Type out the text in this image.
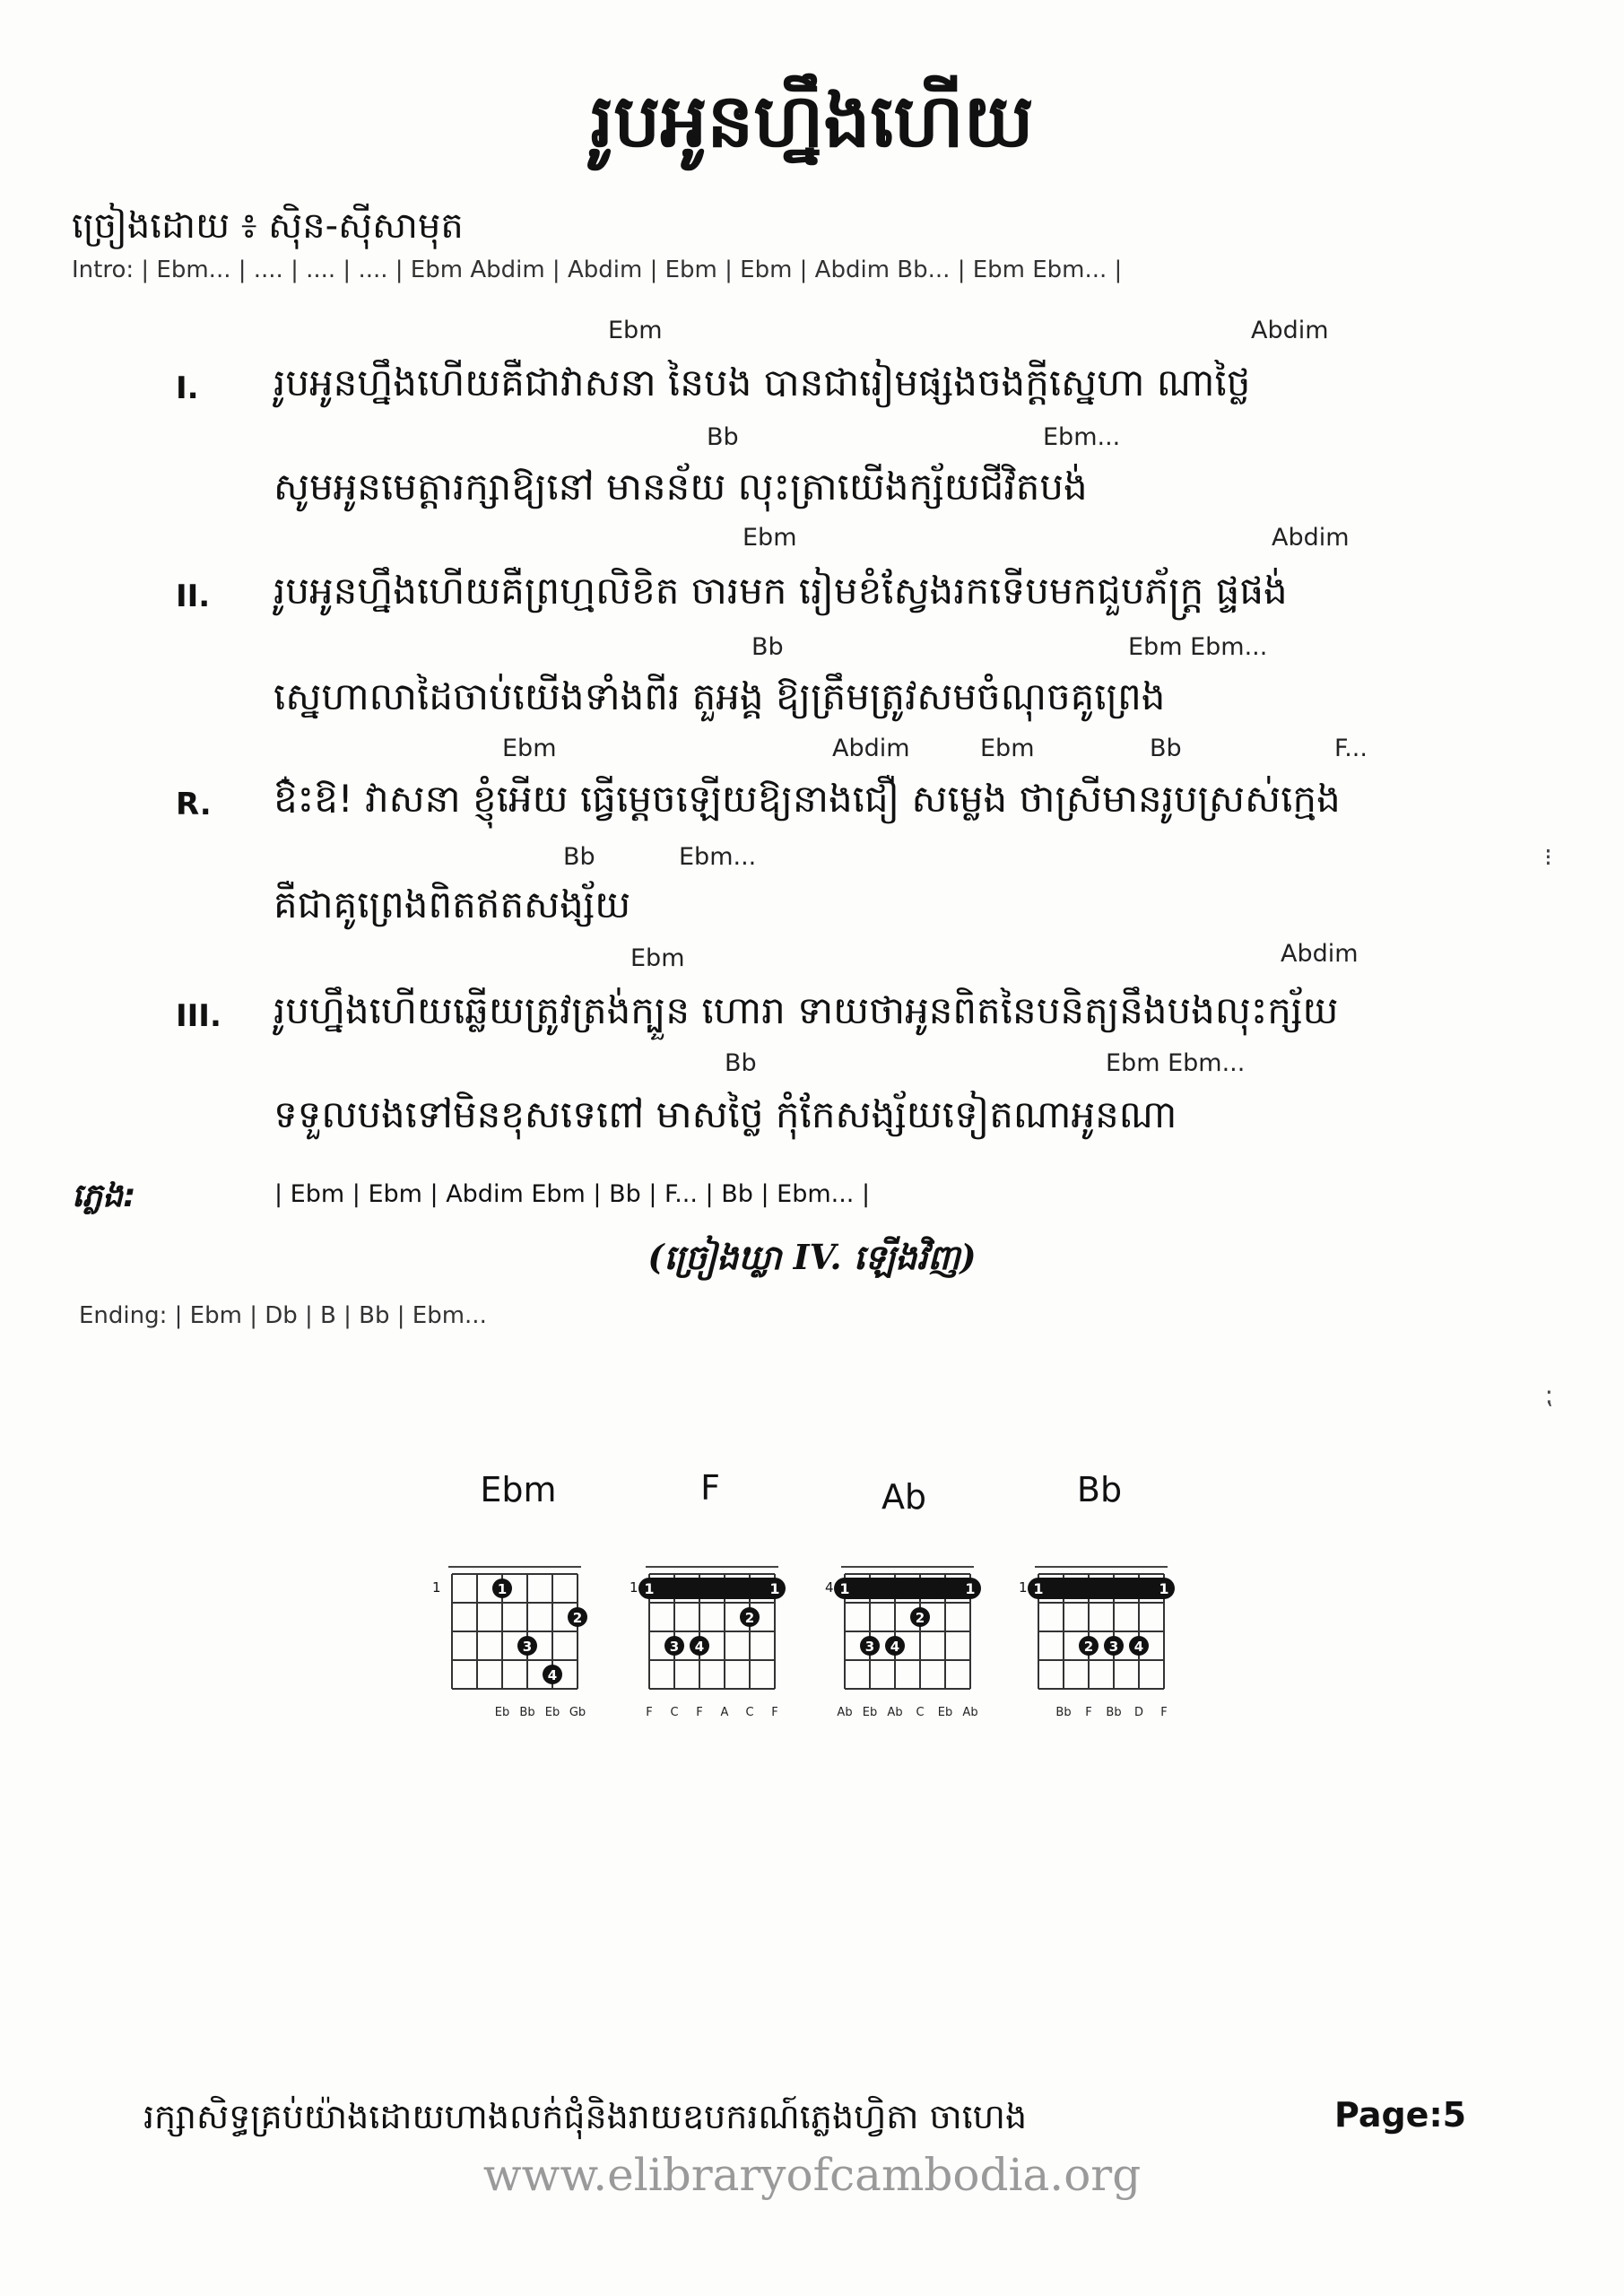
រូបអូនហ្នឹងហើយ
ច្រៀងដោយ ៖ ស៊ិន-ស៊ីសាមុត
Intro: | Ebm... | .... | .... | .... | Ebm Abdim | Abdim | Ebm | Ebm | Abdim Bb... | Ebm Ebm... |
Ebm	Abdim
I. រូបអូនហ្នឹងហើយគឺជាវាសនា នៃបង បានជារៀមផ្សងចងក្ដីស្នេហា ណាថ្លៃ
Bb	Ebm...
សូមអូនមេត្តារក្សាឱ្យនៅ មានន័យ លុះត្រាយើងក្ស័យជីវិតបង់
Ebm	Abdim
II. រូបអូនហ្នឹងហើយគឺព្រហ្មលិខិត ចារមក រៀមខំស្វែងរកទើបមកជួបភ័ក្ត្រ ផ្ទផង់
Bb	Ebm Ebm...
ស្នេហាលាដៃចាប់យើងទាំងពីរ តួអង្គ ឱ្យត្រឹមត្រូវសមចំណុចគូព្រេង
Ebm	Abdim	Ebm	Bb	F...
R. ឱ៎ះឱ! វាសនា ខ្ញុំអើយ ធ្វើម្ដេចឡើយឱ្យនាងជឿ សម្លេង ថាស្រីមានរូបស្រស់ក្មេង
Bb	Ebm...
គឺជាគូព្រេងពិតឥតសង្ស័យ
Ebm	Abdim
III. រូបហ្នឹងហើយឆ្លើយត្រូវត្រង់ក្បួន ហោរា ទាយថាអូនពិតនៃបនិត្យនឹងបងលុះក្ស័យ
Bb	Ebm Ebm...
ទទួលបងទៅមិនខុសទេពៅ មាសថ្លៃ កុំកែសង្ស័យទៀតណាអូនណា
ភ្លេង:	| Ebm | Ebm | Abdim Ebm | Bb | F... | Bb | Ebm... |
(ច្រៀងឃ្លា IV. ឡើងវិញ)
Ending: | Ebm | Db | B | Bb | Ebm...
⁝
⁏
Ebm	F	Ab	Bb
1	1
2
3
4
Eb Bb Eb Gb
1 1	1
2
3 4
F C F A C F
4 1	1
2
3 4
Ab Eb Ab C Eb Ab
1 1	1
2 3 4
Bb F Bb D F
រក្សាសិទ្ធគ្រប់យ៉ាងដោយហាងលក់ជុំនិងរាយឧបករណ៍ភ្លេងហ្វិតា ចាហេង	Page:5
www.elibraryofcambodia.org
